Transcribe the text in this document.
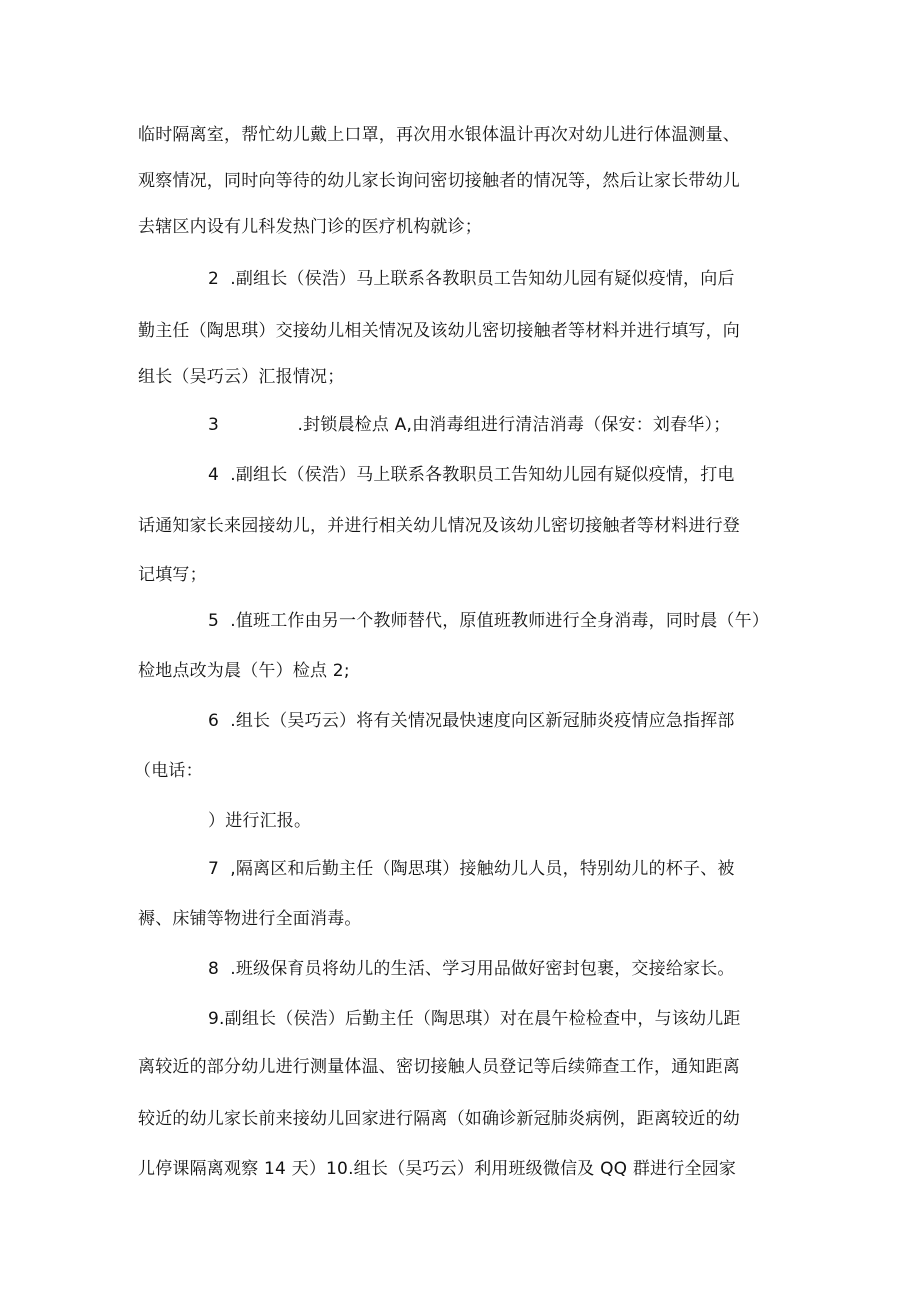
临时隔离室，帮忙幼儿戴上口罩，再次用水银体温计再次对幼儿进行体温测量、
观察情况，同时向等待的幼儿家长询问密切接触者的情况等，然后让家长带幼儿
去辖区内设有儿科发热门诊的医疗机构就诊；
2  .副组长（侯浩）马上联系各教职员工告知幼儿园有疑似疫情，向后
勤主任（陶思琪）交接幼儿相关情况及该幼儿密切接触者等材料并进行填写，向
组长（吴巧云）汇报情况；
3              .封锁晨检点 A,由消毒组进行清洁消毒（保安：刘春华）；
4  .副组长（侯浩）马上联系各教职员工告知幼儿园有疑似疫情，打电
话通知家长来园接幼儿，并进行相关幼儿情况及该幼儿密切接触者等材料进行登
记填写；
5  .值班工作由另一个教师替代，原值班教师进行全身消毒，同时晨（午）
检地点改为晨（午）检点 2;
6  .组长（吴巧云）将有关情况最快速度向区新冠肺炎疫情应急指挥部
（电话：
）进行汇报。
7  ,隔离区和后勤主任（陶思琪）接触幼儿人员，特别幼儿的杯子、被
褥、床铺等物进行全面消毒。
8  .班级保育员将幼儿的生活、学习用品做好密封包裹，交接给家长。
9.副组长（侯浩）后勤主任（陶思琪）对在晨午检检查中，与该幼儿距
离较近的部分幼儿进行测量体温、密切接触人员登记等后续筛查工作，通知距离
较近的幼儿家长前来接幼儿回家进行隔离（如确诊新冠肺炎病例，距离较近的幼
儿停课隔离观察 14 天）10.组长（吴巧云）利用班级微信及 QQ 群进行全园家
